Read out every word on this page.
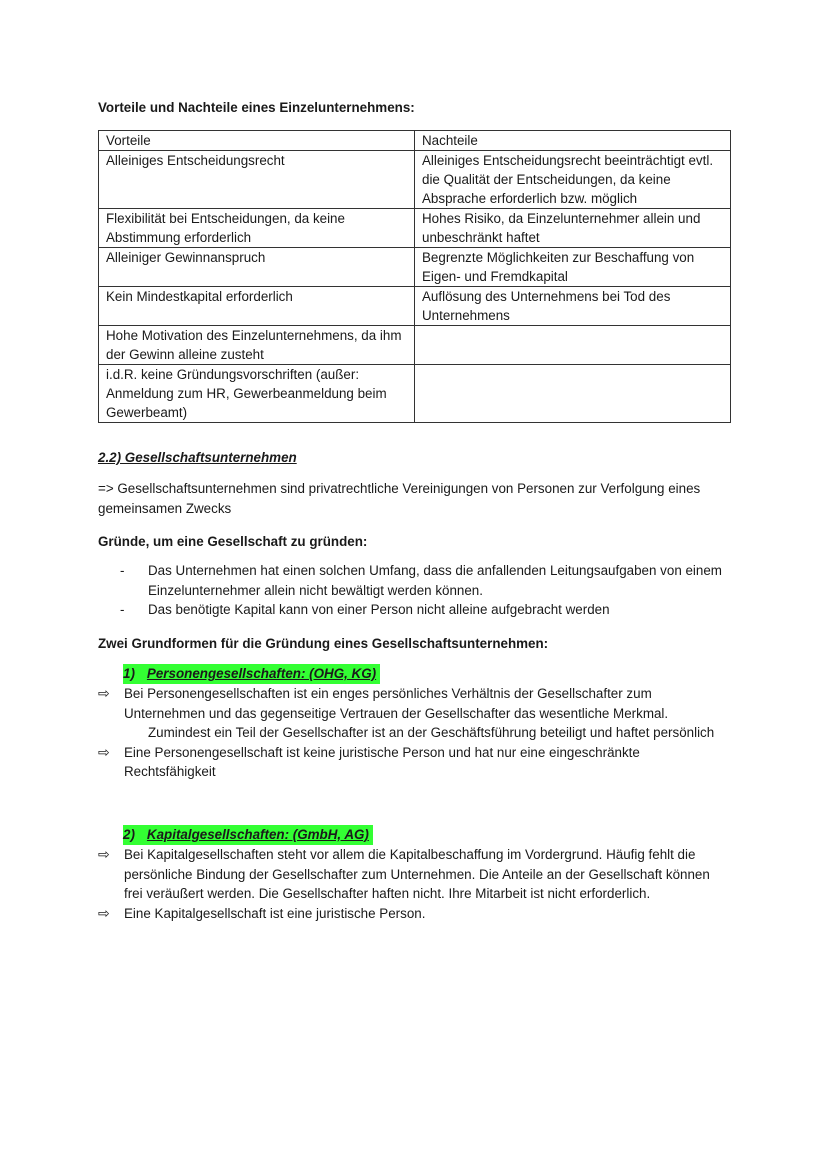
Vorteile und Nachteile eines Einzelunternehmens:
Vorteile	Nachteile
Alleiniges Entscheidungsrecht	Alleiniges Entscheidungsrecht beeinträchtigt evtl. die Qualität der Entscheidungen, da keine Absprache erforderlich bzw. möglich
Flexibilität bei Entscheidungen, da keine Abstimmung erforderlich	Hohes Risiko, da Einzelunternehmer allein und unbeschränkt haftet
Alleiniger Gewinnanspruch	Begrenzte Möglichkeiten zur Beschaffung von Eigen- und Fremdkapital
Kein Mindestkapital erforderlich	Auflösung des Unternehmens bei Tod des Unternehmens
Hohe Motivation des Einzelunternehmens, da ihm der Gewinn alleine zusteht	
i.d.R. keine Gründungsvorschriften (außer: Anmeldung zum HR, Gewerbeanmeldung beim Gewerbeamt)	
2.2) Gesellschaftsunternehmen
=> Gesellschaftsunternehmen sind privatrechtliche Vereinigungen von Personen zur Verfolgung eines gemeinsamen Zwecks
Gründe, um eine Gesellschaft zu gründen:
- Das Unternehmen hat einen solchen Umfang, dass die anfallenden Leitungsaufgaben von einem Einzelunternehmer allein nicht bewältigt werden können.
- Das benötigte Kapital kann von einer Person nicht alleine aufgebracht werden
Zwei Grundformen für die Gründung eines Gesellschaftsunternehmen:
1) Personengesellschaften: (OHG, KG)
⇨ Bei Personengesellschaften ist ein enges persönliches Verhältnis der Gesellschafter zum Unternehmen und das gegenseitige Vertrauen der Gesellschafter das wesentliche Merkmal.
Zumindest ein Teil der Gesellschafter ist an der Geschäftsführung beteiligt und haftet persönlich
⇨ Eine Personengesellschaft ist keine juristische Person und hat nur eine eingeschränkte Rechtsfähigkeit
2) Kapitalgesellschaften: (GmbH, AG)
⇨ Bei Kapitalgesellschaften steht vor allem die Kapitalbeschaffung im Vordergrund. Häufig fehlt die persönliche Bindung der Gesellschafter zum Unternehmen. Die Anteile an der Gesellschaft können frei veräußert werden. Die Gesellschafter haften nicht. Ihre Mitarbeit ist nicht erforderlich.
⇨ Eine Kapitalgesellschaft ist eine juristische Person.
